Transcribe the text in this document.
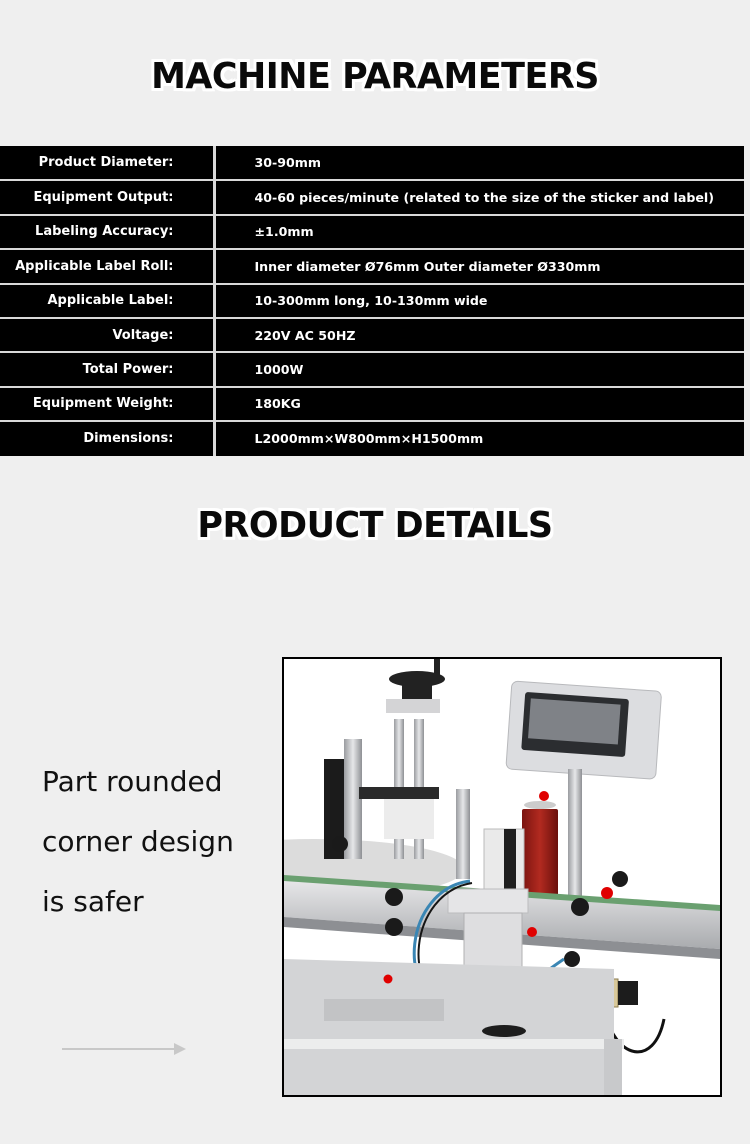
MACHINE PARAMETERS
Product Diameter:	30-90mm
Equipment Output:	40-60 pieces/minute (related to the size of the sticker and label)
Labeling Accuracy:	±1.0mm
Applicable Label Roll:	Inner diameter Ø76mm Outer diameter Ø330mm
Applicable Label:	10-300mm long, 10-130mm wide
Voltage:	220V AC 50HZ
Total Power:	1000W
Equipment Weight:	180KG
Dimensions:	L2000mm×W800mm×H1500mm
PRODUCT DETAILS
Part rounded
corner design
is safer
